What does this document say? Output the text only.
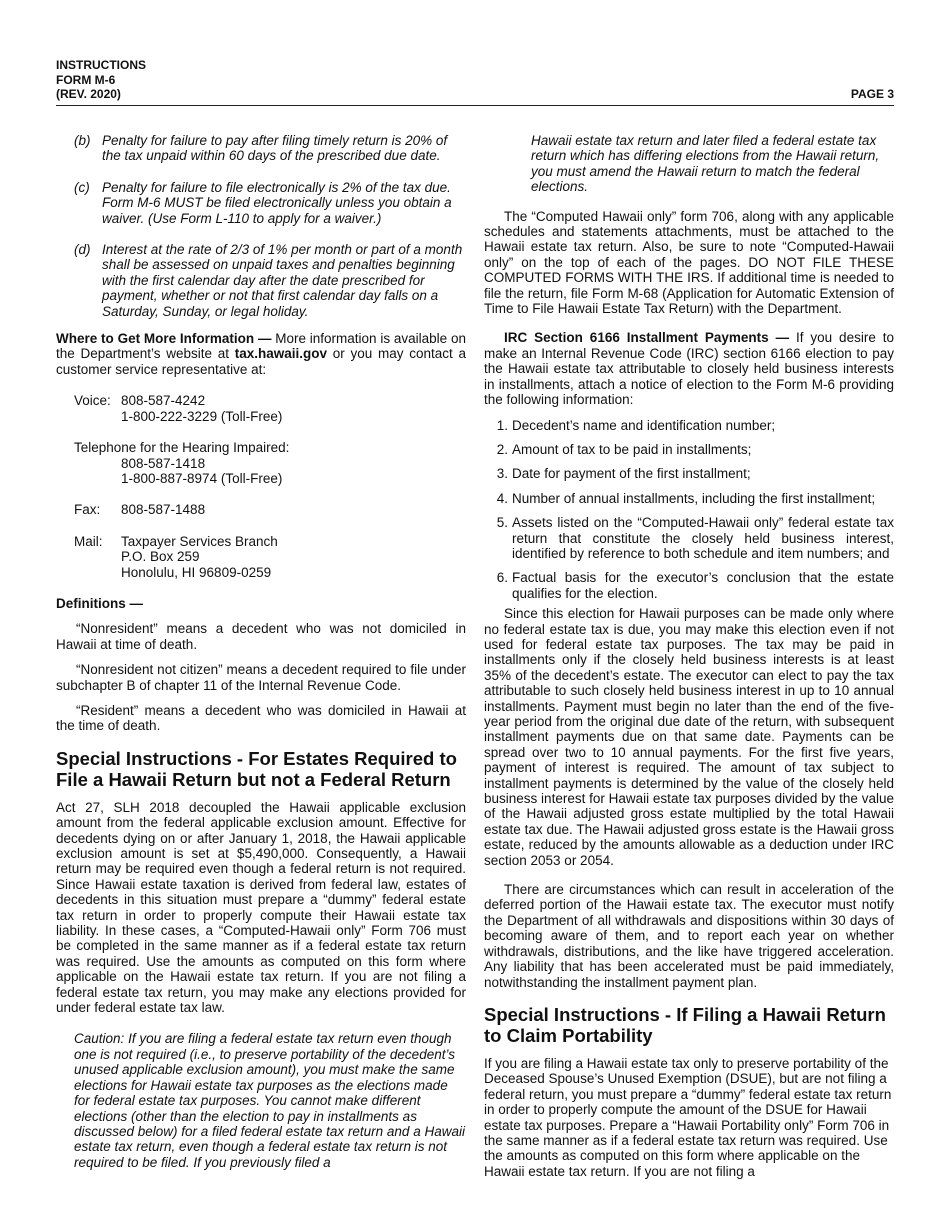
INSTRUCTIONS
FORM M-6
(REV. 2020)	PAGE 3
(b) Penalty for failure to pay after filing timely return is 20% of the tax unpaid within 60 days of the prescribed due date.
(c) Penalty for failure to file electronically is 2% of the tax due. Form M-6 MUST be filed electronically unless you obtain a waiver. (Use Form L-110 to apply for a waiver.)
(d) Interest at the rate of 2/3 of 1% per month or part of a month shall be assessed on unpaid taxes and penalties beginning with the first calendar day after the date prescribed for payment, whether or not that first calendar day falls on a Saturday, Sunday, or legal holiday.

Where to Get More Information — More information is available on the Department’s website at tax.hawaii.gov or you may contact a customer service representative at:

Voice: 808-587-4242
1-800-222-3229 (Toll-Free)
Telephone for the Hearing Impaired:
808-587-1418
1-800-887-8974 (Toll-Free)
Fax:	808-587-1488
Mail:	Taxpayer Services Branch
P.O. Box 259
Honolulu, HI 96809-0259

Definitions —

“Nonresident” means a decedent who was not domiciled in Hawaii at time of death.

“Nonresident not citizen” means a decedent required to file under subchapter B of chapter 11 of the Internal Revenue Code.

“Resident” means a decedent who was domiciled in Hawaii at the time of death.

Special Instructions - For Estates Required to File a Hawaii Return but not a Federal Return

Act 27, SLH 2018 decoupled the Hawaii applicable exclusion amount from the federal applicable exclusion amount. Effective for decedents dying on or after January 1, 2018, the Hawaii applicable exclusion amount is set at $5,490,000. Consequently, a Hawaii return may be required even though a federal return is not required. Since Hawaii estate taxation is derived from federal law, estates of decedents in this situation must prepare a “dummy” federal estate tax return in order to properly compute their Hawaii estate tax liability. In these cases, a “Computed-Hawaii only” Form 706 must be completed in the same manner as if a federal estate tax return was required. Use the amounts as computed on this form where applicable on the Hawaii estate tax return. If you are not filing a federal estate tax return, you may make any elections provided for under federal estate tax law.

Caution: If you are filing a federal estate tax return even though one is not required (i.e., to preserve portability of the decedent’s unused applicable exclusion amount), you must make the same elections for Hawaii estate tax purposes as the elections made for federal estate tax purposes. You cannot make different elections (other than the election to pay in installments as discussed below) for a filed federal estate tax return and a Hawaii estate tax return, even though a federal estate tax return is not required to be filed. If you previously filed a

Hawaii estate tax return and later filed a federal estate tax return which has differing elections from the Hawaii return, you must amend the Hawaii return to match the federal elections.

The “Computed Hawaii only” form 706, along with any applicable schedules and statements attachments, must be attached to the Hawaii estate tax return. Also, be sure to note “Computed-Hawaii only” on the top of each of the pages. DO NOT FILE THESE COMPUTED FORMS WITH THE IRS. If additional time is needed to file the return, file Form M-68 (Application for Automatic Extension of Time to File Hawaii Estate Tax Return) with the Department.

IRC Section 6166 Installment Payments — If you desire to make an Internal Revenue Code (IRC) section 6166 election to pay the Hawaii estate tax attributable to closely held business interests in installments, attach a notice of election to the Form M-6 providing the following information:

1. Decedent’s name and identification number;
2. Amount of tax to be paid in installments;
3. Date for payment of the first installment;
4. Number of annual installments, including the first installment;
5. Assets listed on the “Computed-Hawaii only” federal estate tax return that constitute the closely held business interest, identified by reference to both schedule and item numbers; and
6. Factual basis for the executor’s conclusion that the estate qualifies for the election.

Since this election for Hawaii purposes can be made only where no federal estate tax is due, you may make this election even if not used for federal estate tax purposes. The tax may be paid in installments only if the closely held business interests is at least 35% of the decedent’s estate. The executor can elect to pay the tax attributable to such closely held business interest in up to 10 annual installments. Payment must begin no later than the end of the five-year period from the original due date of the return, with subsequent installment payments due on that same date. Payments can be spread over two to 10 annual payments. For the first five years, payment of interest is required. The amount of tax subject to installment payments is determined by the value of the closely held business interest for Hawaii estate tax purposes divided by the value of the Hawaii adjusted gross estate multiplied by the total Hawaii estate tax due. The Hawaii adjusted gross estate is the Hawaii gross estate, reduced by the amounts allowable as a deduction under IRC section 2053 or 2054.

There are circumstances which can result in acceleration of the deferred portion of the Hawaii estate tax. The executor must notify the Department of all withdrawals and dispositions within 30 days of becoming aware of them, and to report each year on whether withdrawals, distributions, and the like have triggered acceleration. Any liability that has been accelerated must be paid immediately, notwithstanding the installment payment plan.

Special Instructions - If Filing a Hawaii Return to Claim Portability

If you are filing a Hawaii estate tax only to preserve portability of the Deceased Spouse’s Unused Exemption (DSUE), but are not filing a federal return, you must prepare a “dummy” federal estate tax return in order to properly compute the amount of the DSUE for Hawaii estate tax purposes. Prepare a “Hawaii Portability only” Form 706 in the same manner as if a federal estate tax return was required. Use the amounts as computed on this form where applicable on the Hawaii estate tax return. If you are not filing a
